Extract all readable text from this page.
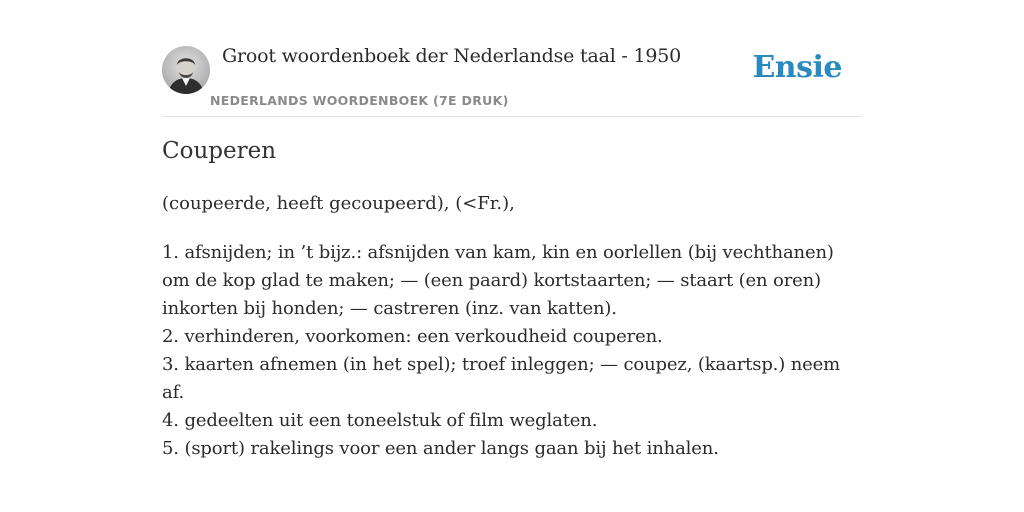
Groot woordenboek der Nederlandse taal - 1950
NEDERLANDS WOORDENBOEK (7E DRUK)
Ensie
Couperen
(coupeerde, heeft gecoupeerd), (<Fr.),
1. afsnijden; in ’t bijz.: afsnijden van kam, kin en oorlellen (bij vechthanen) om de kop glad te maken; — (een paard) kortstaarten; — staart (en oren) inkorten bij honden; — castreren (inz. van katten).
2. verhinderen, voorkomen: een verkoudheid couperen.
3. kaarten afnemen (in het spel); troef inleggen; — coupez, (kaartsp.) neem af.
4. gedeelten uit een toneelstuk of film weglaten.
5. (sport) rakelings voor een ander langs gaan bij het inhalen.
